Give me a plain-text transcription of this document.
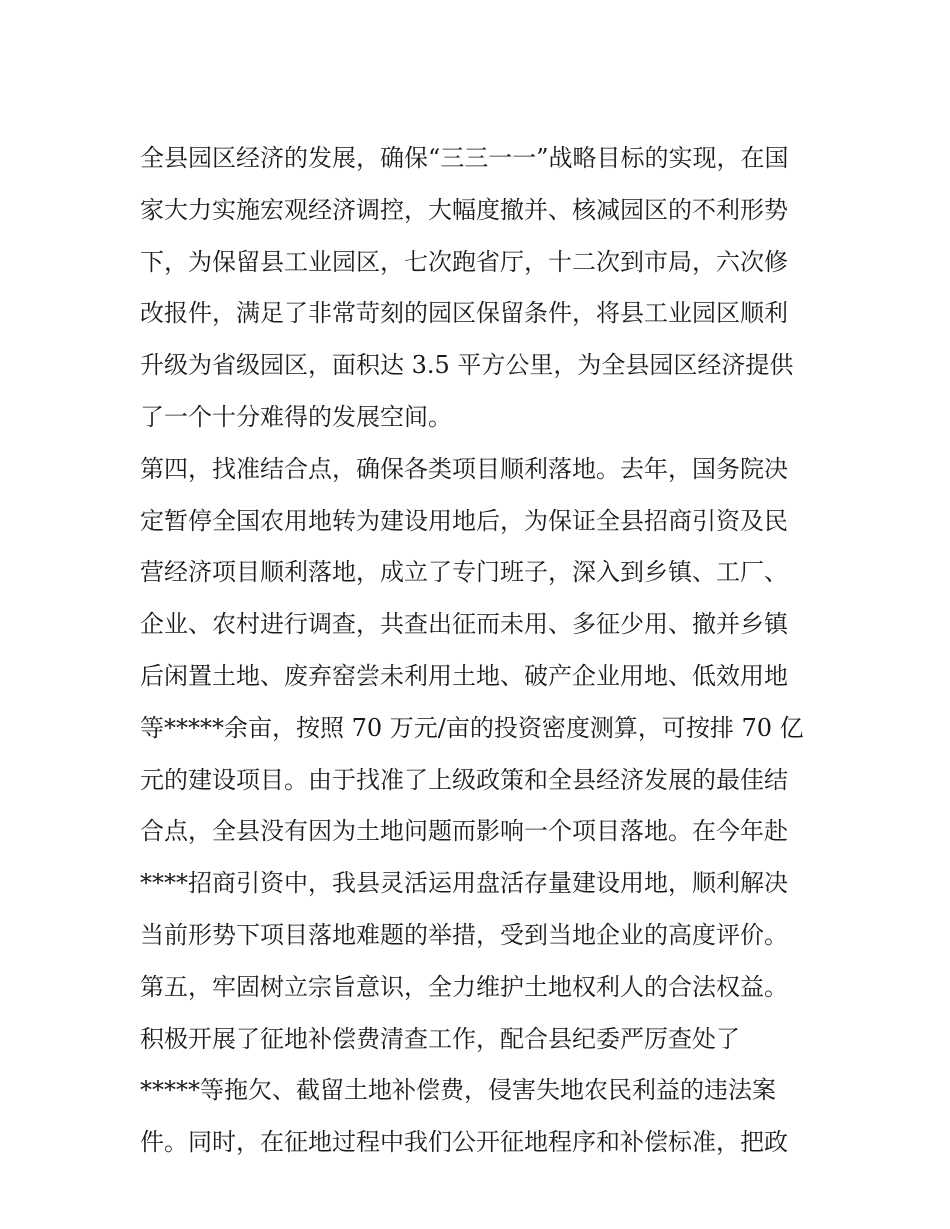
全县园区经济的发展，确保“三三一一”战略目标的实现，在国
家大力实施宏观经济调控，大幅度撤并、核减园区的不利形势
下，为保留县工业园区，七次跑省厅，十二次到市局，六次修
改报件，满足了非常苛刻的园区保留条件，将县工业园区顺利
升级为省级园区，面积达 3.5 平方公里，为全县园区经济提供
了一个十分难得的发展空间。
第四，找准结合点，确保各类项目顺利落地。去年，国务院决
定暂停全国农用地转为建设用地后，为保证全县招商引资及民
营经济项目顺利落地，成立了专门班子，深入到乡镇、工厂、
企业、农村进行调查，共查出征而未用、多征少用、撤并乡镇
后闲置土地、废弃窑尝未利用土地、破产企业用地、低效用地
等*****余亩，按照 70 万元/亩的投资密度测算，可按排 70 亿
元的建设项目。由于找准了上级政策和全县经济发展的最佳结
合点，全县没有因为土地问题而影响一个项目落地。在今年赴
****招商引资中，我县灵活运用盘活存量建设用地，顺利解决
当前形势下项目落地难题的举措，受到当地企业的高度评价。
第五，牢固树立宗旨意识，全力维护土地权利人的合法权益。
积极开展了征地补偿费清查工作，配合县纪委严厉查处了
*****等拖欠、截留土地补偿费，侵害失地农民利益的违法案
件。同时，在征地过程中我们公开征地程序和补偿标准，把政
